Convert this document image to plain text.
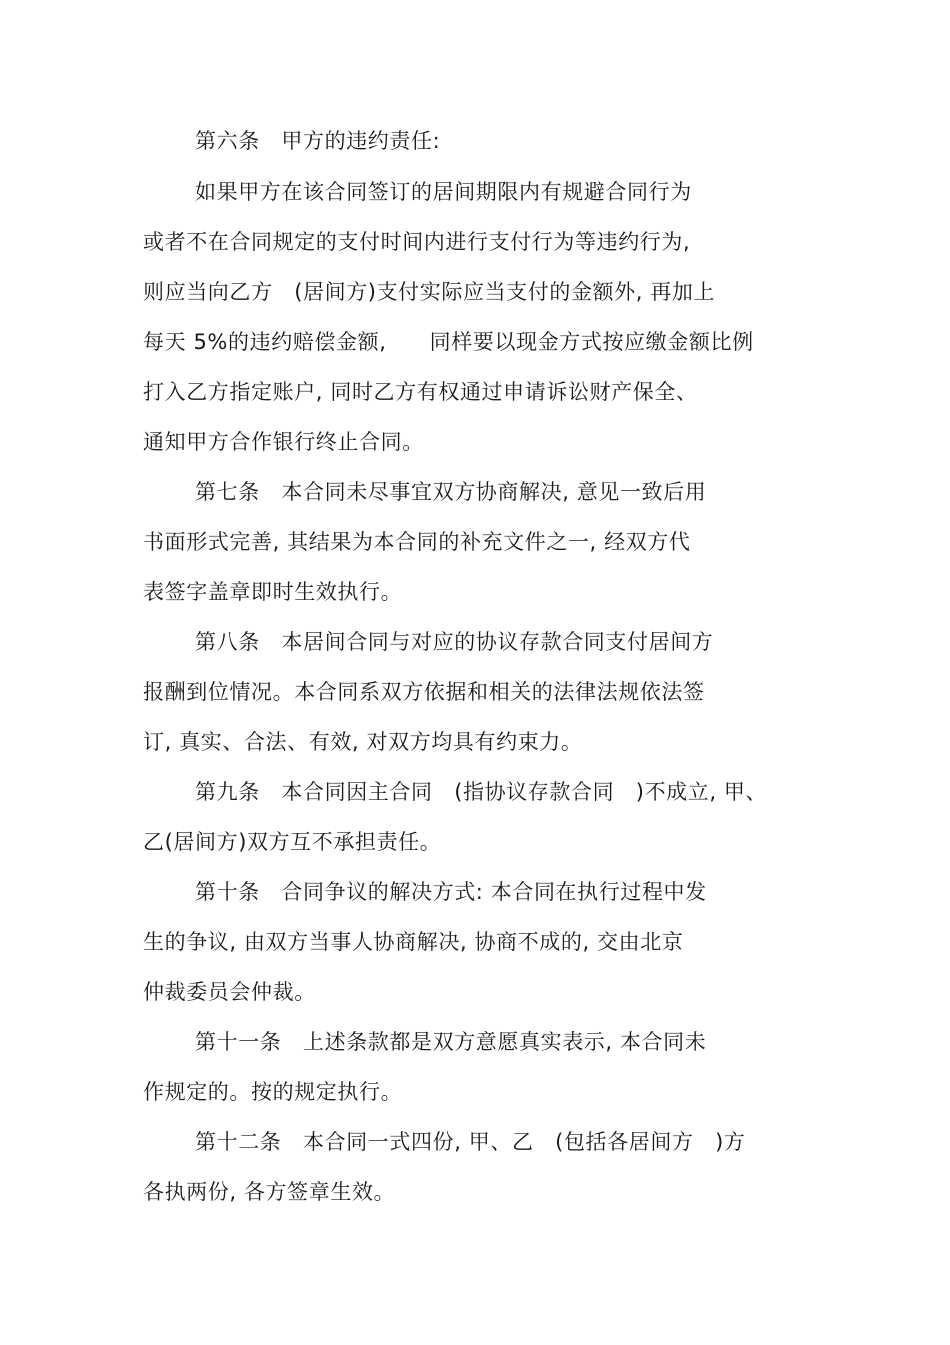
第六条　甲方的违约责任:
如果甲方在该合同签订的居间期限内有规避合同行为
或者不在合同规定的支付时间内进行支付行为等违约行为,
则应当向乙方　(居间方)支付实际应当支付的金额外, 再加上
每天 5%的违约赔偿金额,　　同样要以现金方式按应缴金额比例
打入乙方指定账户, 同时乙方有权通过申请诉讼财产保全、
通知甲方合作银行终止合同。
第七条　本合同未尽事宜双方协商解决, 意见一致后用
书面形式完善, 其结果为本合同的补充文件之一, 经双方代
表签字盖章即时生效执行。
第八条　本居间合同与对应的协议存款合同支付居间方
报酬到位情况。本合同系双方依据和相关的法律法规依法签
订, 真实、合法、有效, 对双方均具有约束力。
第九条　本合同因主合同　(指协议存款合同　)不成立, 甲、
乙(居间方)双方互不承担责任。
第十条　合同争议的解决方式: 本合同在执行过程中发
生的争议, 由双方当事人协商解决, 协商不成的, 交由北京
仲裁委员会仲裁。
第十一条　上述条款都是双方意愿真实表示, 本合同未
作规定的。按的规定执行。
第十二条　本合同一式四份, 甲、乙　(包括各居间方　)方
各执两份, 各方签章生效。
